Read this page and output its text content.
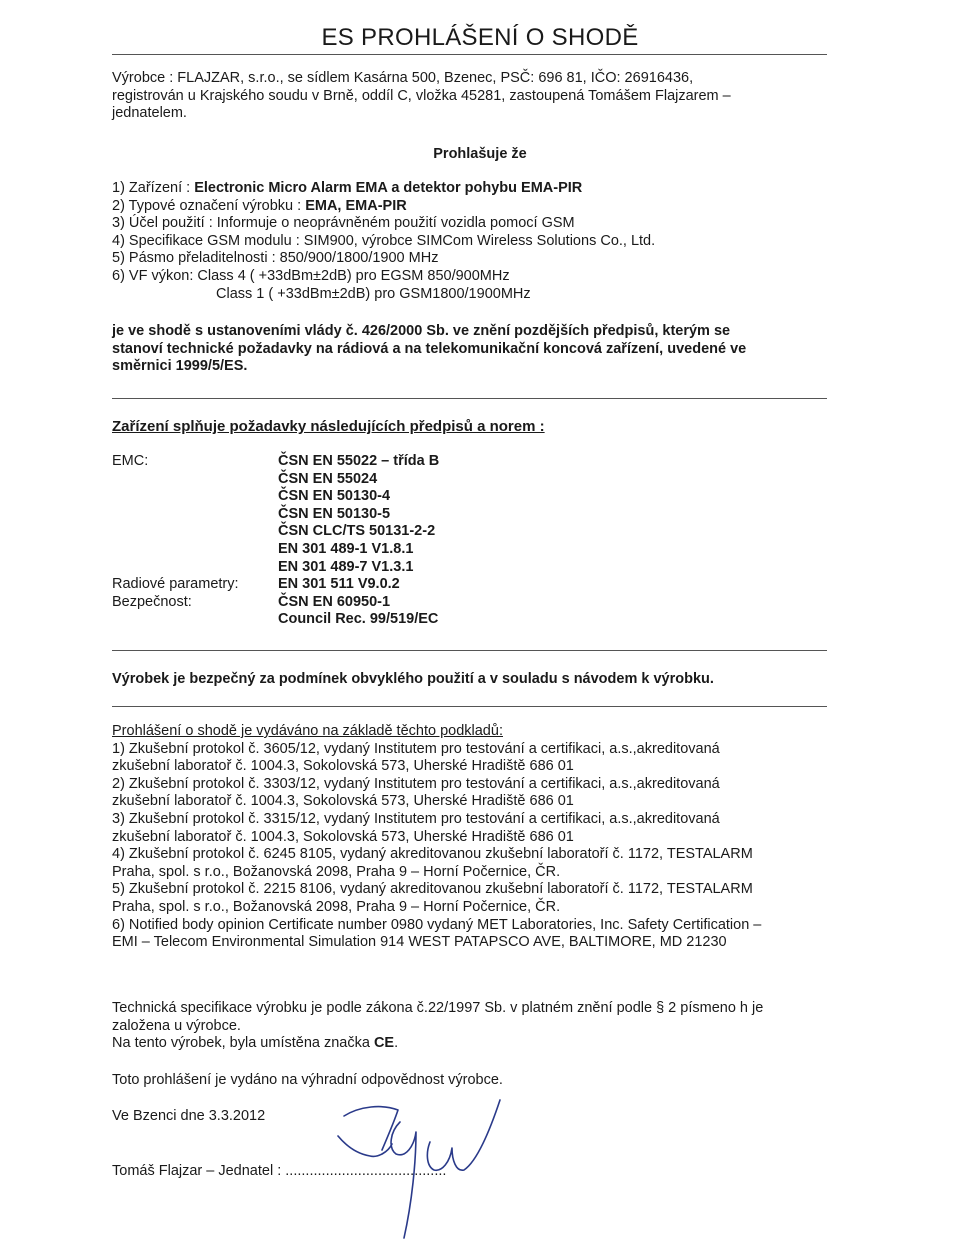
ES PROHLÁŠENÍ O SHODĚ
Výrobce : FLAJZAR, s.r.o., se sídlem Kasárna 500, Bzenec, PSČ: 696 81, IČO: 26916436,
registrován u Krajského soudu v Brně, oddíl C, vložka 45281, zastoupená Tomášem Flajzarem –
jednatelem.
Prohlašuje že
1) Zařízení : Electronic Micro Alarm EMA a detektor pohybu EMA-PIR
2) Typové označení výrobku : EMA, EMA-PIR
3) Účel použití : Informuje o neoprávněném použití vozidla pomocí GSM
4) Specifikace GSM modulu : SIM900, výrobce SIMCom Wireless Solutions Co., Ltd.
5) Pásmo přeladitelnosti : 850/900/1800/1900 MHz
6) VF výkon: Class 4 ( +33dBm±2dB) pro EGSM 850/900MHz
Class 1 ( +33dBm±2dB) pro GSM1800/1900MHz
je ve shodě s ustanoveními vlády č. 426/2000 Sb. ve znění pozdějších předpisů, kterým se
stanoví technické požadavky na rádiová a na telekomunikační koncová zařízení, uvedené ve
směrnici 1999/5/ES.
Zařízení splňuje požadavky následujících předpisů a norem :
EMC:	ČSN EN 55022 – třída B
ČSN EN 55024
ČSN EN 50130-4
ČSN EN 50130-5
ČSN CLC/TS 50131-2-2
EN 301 489-1 V1.8.1
EN 301 489-7 V1.3.1
Radiové parametry:	EN 301 511 V9.0.2
Bezpečnost:	ČSN EN 60950-1
Council Rec. 99/519/EC
Výrobek je bezpečný za podmínek obvyklého použití a v souladu s návodem k výrobku.
Prohlášení o shodě je vydáváno na základě těchto podkladů:
1) Zkušební protokol č. 3605/12, vydaný Institutem pro testování a certifikaci, a.s.,akreditovaná
zkušební laboratoř č. 1004.3, Sokolovská 573, Uherské Hradiště 686 01
2) Zkušební protokol č. 3303/12, vydaný Institutem pro testování a certifikaci, a.s.,akreditovaná
zkušební laboratoř č. 1004.3, Sokolovská 573, Uherské Hradiště 686 01
3) Zkušební protokol č. 3315/12, vydaný Institutem pro testování a certifikaci, a.s.,akreditovaná
zkušební laboratoř č. 1004.3, Sokolovská 573, Uherské Hradiště 686 01
4) Zkušební protokol č. 6245 8105, vydaný akreditovanou zkušební laboratoří č. 1172, TESTALARM
Praha, spol. s r.o., Božanovská 2098, Praha 9 – Horní Počernice, ČR.
5) Zkušební protokol č. 2215 8106, vydaný akreditovanou zkušební laboratoří č. 1172, TESTALARM
Praha, spol. s r.o., Božanovská 2098, Praha 9 – Horní Počernice, ČR.
6) Notified body opinion Certificate number 0980 vydaný MET Laboratories, Inc. Safety Certification –
EMI – Telecom Environmental Simulation 914 WEST PATAPSCO AVE, BALTIMORE, MD 21230
Technická specifikace výrobku je podle zákona č.22/1997 Sb. v platném znění podle § 2 písmeno h je
založena u výrobce.
Na tento výrobek, byla umístěna značka CE.
Toto prohlášení je vydáno na výhradní odpovědnost výrobce.
Ve Bzenci dne 3.3.2012
Tomáš Flajzar – Jednatel : ........................................
